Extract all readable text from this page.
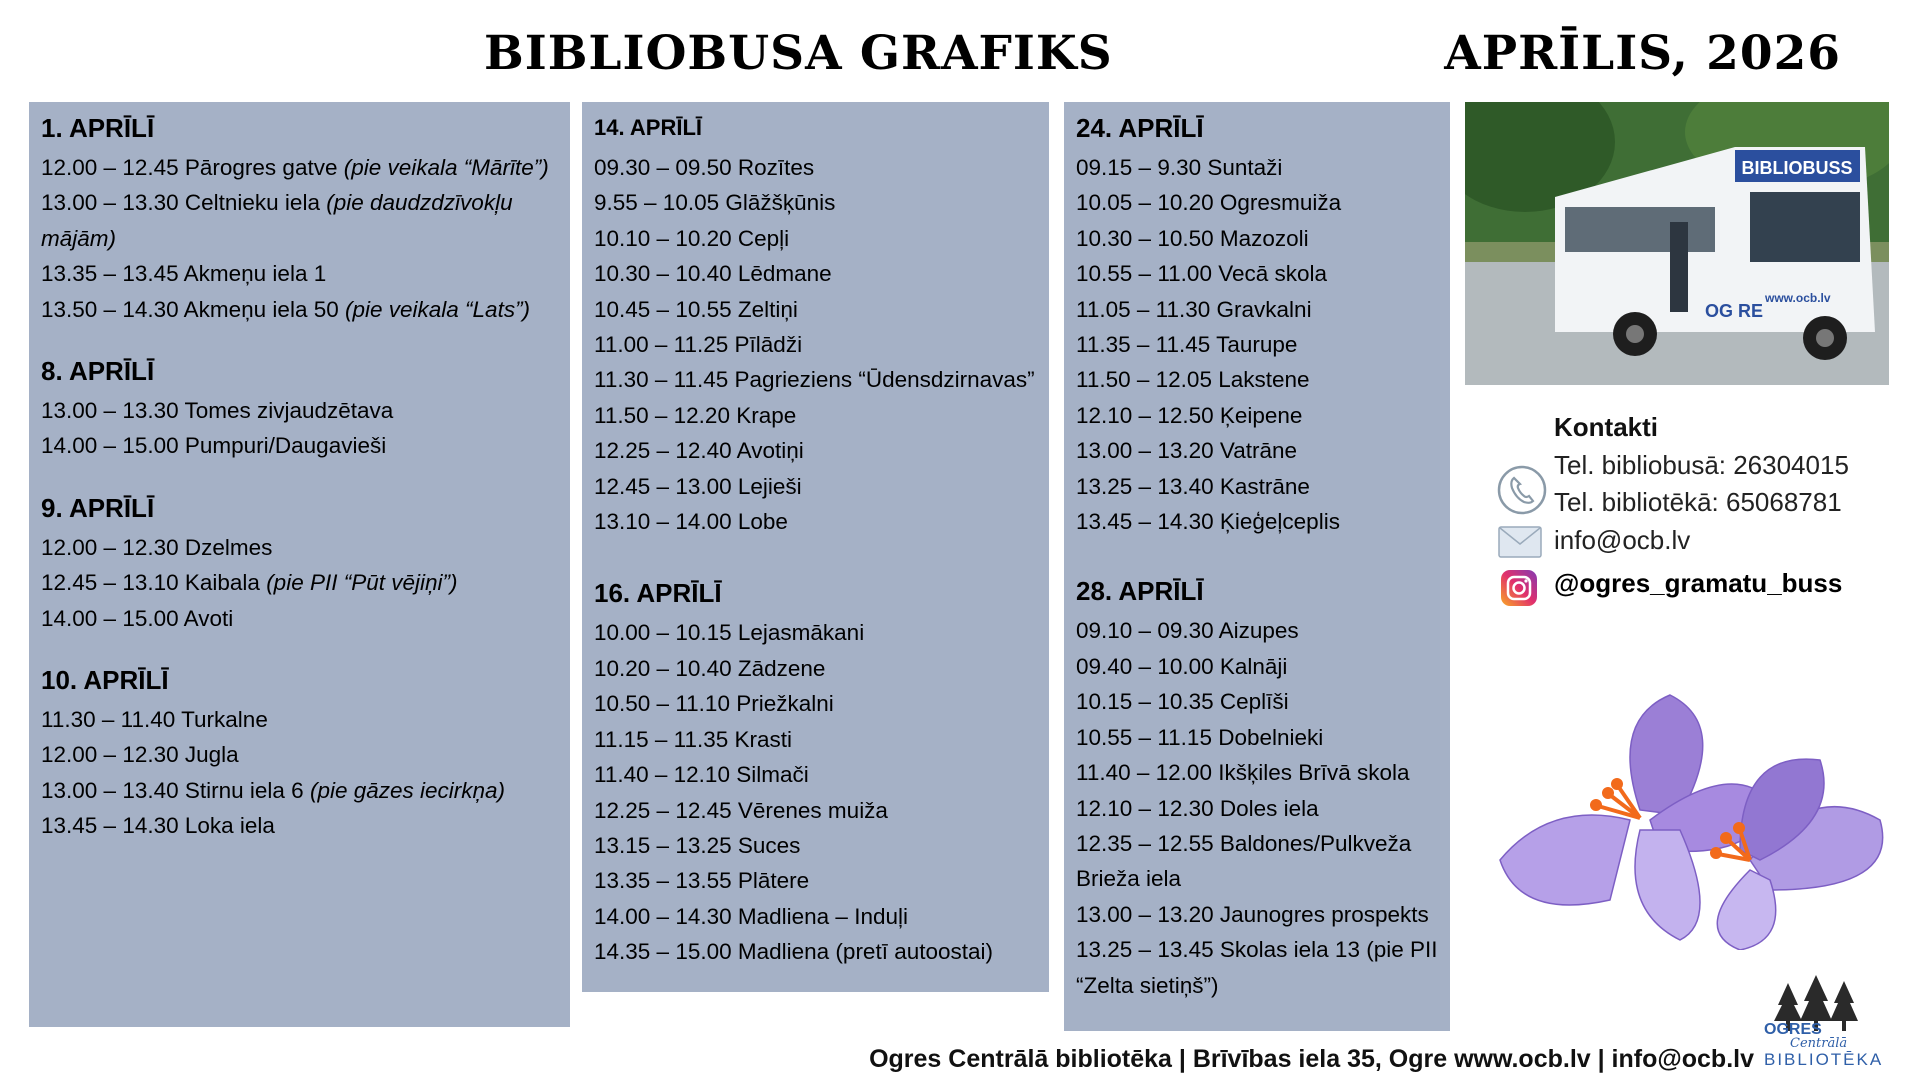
BIBLIOBUSA GRAFIKS	APRĪLIS, 2026
1. APRĪLĪ
12.00 – 12.45 Pārogres gatve (pie veikala “Mārīte”)
13.00 – 13.30 Celtnieku iela (pie daudzdzīvokļu mājām)
13.35 – 13.45 Akmeņu iela 1
13.50 – 14.30 Akmeņu iela 50 (pie veikala “Lats”)
8. APRĪLĪ
13.00 – 13.30 Tomes zivjaudzētava
14.00 – 15.00 Pumpuri/Daugavieši
9. APRĪLĪ
12.00 – 12.30 Dzelmes
12.45 – 13.10 Kaibala (pie PII “Pūt vējiņi”)
14.00 – 15.00 Avoti
10. APRĪLĪ
11.30 – 11.40 Turkalne
12.00 – 12.30 Jugla
13.00 – 13.40 Stirnu iela 6 (pie gāzes iecirkņa)
13.45 – 14.30 Loka iela
14. APRĪLĪ
09.30 – 09.50 Rozītes
9.55 – 10.05 Glāžšķūnis
10.10 – 10.20 Cepļi
10.30 – 10.40 Lēdmane
10.45 – 10.55 Zeltiņi
11.00 – 11.25 Pīlādži
11.30 – 11.45 Pagrieziens “Ūdensdzirnavas”
11.50 – 12.20 Krape
12.25 – 12.40 Avotiņi
12.45 – 13.00 Lejieši
13.10 – 14.00 Lobe
16. APRĪLĪ
10.00 – 10.15 Lejasmākani
10.20 – 10.40 Zādzene
10.50 – 11.10 Priežkalni
11.15 – 11.35 Krasti
11.40 – 12.10 Silmači
12.25 – 12.45 Vērenes muiža
13.15 – 13.25 Suces
13.35 – 13.55 Plātere
14.00 – 14.30 Madliena – Induļi
14.35 – 15.00 Madliena (pretī autoostai)
24. APRĪLĪ
09.15 – 9.30 Suntaži
10.05 – 10.20 Ogresmuiža
10.30 – 10.50 Mazozoli
10.55 – 11.00 Vecā skola
11.05 – 11.30 Gravkalni
11.35 – 11.45 Taurupe
11.50 – 12.05 Lakstene
12.10 – 12.50 Ķeipene
13.00 – 13.20 Vatrāne
13.25 – 13.40 Kastrāne
13.45 – 14.30 Ķieģeļceplis
28. APRĪLĪ
09.10 – 09.30 Aizupes
09.40 – 10.00 Kalnāji
10.15 – 10.35 Ceplīši
10.55 – 11.15 Dobelnieki
11.40 – 12.00 Ikšķiles Brīvā skola
12.10 – 12.30 Doles iela
12.35 – 12.55 Baldones/Pulkveža Brieža iela
13.00 – 13.20 Jaunogres prospekts
13.25 – 13.45 Skolas iela 13 (pie PII “Zelta sietiņš”)
BIBLIOBUSS
www.ocb.lv
OG RE
Kontakti
Tel. bibliobusā: 26304015
Tel. bibliotēkā: 65068781
info@ocb.lv
@ogres_gramatu_buss
Ogres Centrālā bibliotēka | Brīvības iela 35, Ogre www.ocb.lv | info@ocb.lv
OGRES
Centrālā
BIBLIOTĒKA
